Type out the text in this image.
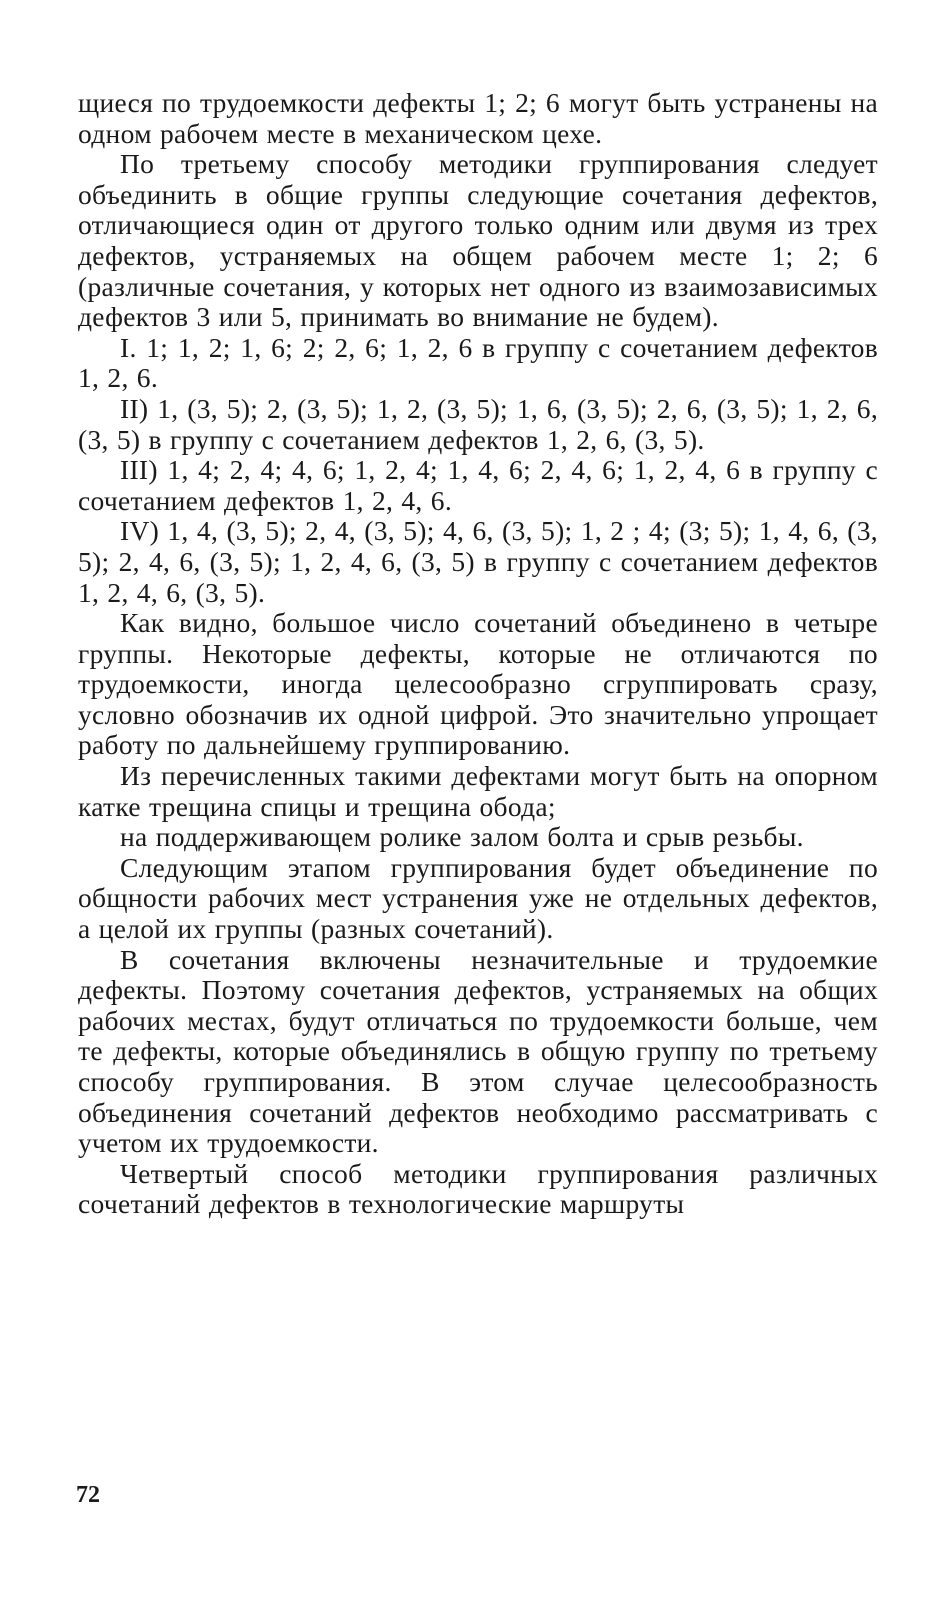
щиеся по трудоемкости дефекты 1; 2; 6 могут быть устранены на одном рабочем месте в механическом цехе.

По третьему способу методики группирования следует объединить в общие группы следующие сочетания дефектов, отличающиеся один от другого только одним или двумя из трех дефектов, устраняемых на общем рабочем месте 1; 2; 6 (различные сочетания, у которых нет одного из взаимозависимых дефектов 3 или 5, принимать во внимание не будем).

I. 1; 1, 2; 1, 6; 2; 2, 6; 1, 2, 6 в группу с сочетанием дефектов 1, 2, 6.

II) 1, (3, 5); 2, (3, 5); 1, 2, (3, 5); 1, 6, (3, 5); 2, 6, (3, 5); 1, 2, 6, (3, 5) в группу с сочетанием дефектов 1, 2, 6, (3, 5).

III) 1, 4; 2, 4; 4, 6; 1, 2, 4; 1, 4, 6; 2, 4, 6; 1, 2, 4, 6 в группу с сочетанием дефектов 1, 2, 4, 6.

IV) 1, 4, (3, 5); 2, 4, (3, 5); 4, 6, (3, 5); 1, 2 ; 4; (3; 5); 1, 4, 6, (3, 5); 2, 4, 6, (3, 5); 1, 2, 4, 6, (3, 5) в группу с сочетанием дефектов 1, 2, 4, 6, (3, 5).

Как видно, большое число сочетаний объединено в четыре группы. Некоторые дефекты, которые не отличаются по трудоемкости, иногда целесообразно сгруппировать сразу, условно обозначив их одной цифрой. Это значительно упрощает работу по дальнейшему группированию.

Из перечисленных такими дефектами могут быть на опорном катке трещина спицы и трещина обода;

на поддерживающем ролике залом болта и срыв резьбы.

Следующим этапом группирования будет объединение по общности рабочих мест устранения уже не отдельных дефектов, а целой их группы (разных сочетаний).

В сочетания включены незначительные и трудоемкие дефекты. Поэтому сочетания дефектов, устраняемых на общих рабочих местах, будут отличаться по трудоемкости больше, чем те дефекты, которые объединялись в общую группу по третьему способу группирования. В этом случае целесообразность объединения сочетаний дефектов необходимо рассматривать с учетом их трудоемкости.

Четвертый способ методики группирования различных сочетаний дефектов в технологические маршруты

72
